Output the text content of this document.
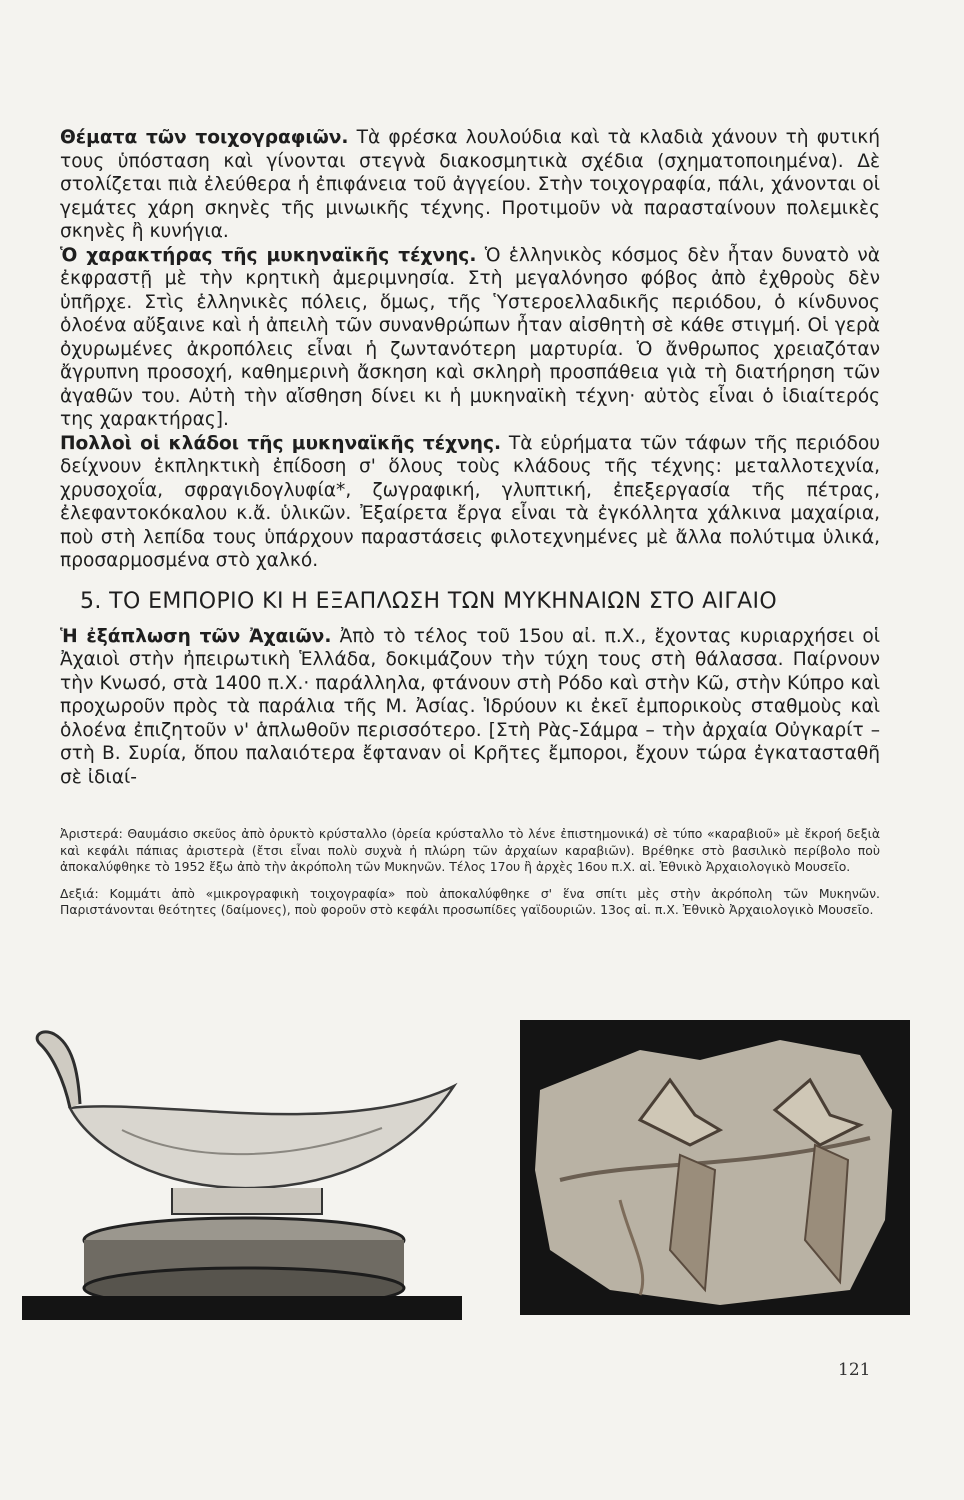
Θέματα τῶν τοιχογραφιῶν. Τὰ φρέσκα λουλούδια καὶ τὰ κλαδιὰ χάνουν τὴ φυτική τους ὑπόσταση καὶ γίνονται στεγνὰ διακοσμητικὰ σχέδια (σχηματοποιημένα). Δὲ στολίζεται πιὰ ἐλεύθερα ἡ ἐπιφάνεια τοῦ ἀγγείου. Στὴν τοιχογραφία, πάλι, χάνονται οἱ γεμάτες χάρη σκηνὲς τῆς μινωικῆς τέχνης. Προτιμοῦν νὰ παρασταίνουν πολεμικὲς σκηνὲς ἢ κυνήγια.

Ὁ χαρακτήρας τῆς μυκηναϊκῆς τέχνης. Ὁ ἑλληνικὸς κόσμος δὲν ἦταν δυνατὸ νὰ ἐκφραστῇ μὲ τὴν κρητικὴ ἀμεριμνησία. Στὴ μεγαλόνησο φόβος ἀπὸ ἐχθροὺς δὲν ὑπῆρχε. Στὶς ἑλληνικὲς πόλεις, ὅμως, τῆς Ὑστεροελλαδικῆς περιόδου, ὁ κίνδυνος ὁλοένα αὔξαινε καὶ ἡ ἀπειλὴ τῶν συνανθρώπων ἦταν αἰσθητὴ σὲ κάθε στιγμή. Οἱ γερὰ ὀχυρωμένες ἀκροπόλεις εἶναι ἡ ζωντανότερη μαρτυρία. Ὁ ἄνθρωπος χρειαζόταν ἄγρυπνη προσοχή, καθημερινὴ ἄσκηση καὶ σκληρὴ προσπάθεια γιὰ τὴ διατήρηση τῶν ἀγαθῶν του. Αὐτὴ τὴν αἴσθηση δίνει κι ἡ μυκηναϊκὴ τέχνη· αὐτὸς εἶναι ὁ ἰδιαίτερός της χαρακτήρας].

Πολλοὶ οἱ κλάδοι τῆς μυκηναϊκῆς τέχνης. Τὰ εὑρήματα τῶν τάφων τῆς περιόδου δείχνουν ἐκπληκτικὴ ἐπίδοση σ' ὅλους τοὺς κλάδους τῆς τέχνης: μεταλλοτεχνία, χρυσοχοΐα, σφραγιδογλυφία*, ζωγραφική, γλυπτική, ἐπεξεργασία τῆς πέτρας, ἐλεφαντοκόκαλου κ.ἄ. ὑλικῶν. Ἐξαίρετα ἔργα εἶναι τὰ ἐγκόλλητα χάλκινα μαχαίρια, ποὺ στὴ λεπίδα τους ὑπάρχουν παραστάσεις φιλοτεχνημένες μὲ ἄλλα πολύτιμα ὑλικά, προσαρμοσμένα στὸ χαλκό.

5. ΤΟ ΕΜΠΟΡΙΟ ΚΙ Η ΕΞΑΠΛΩΣΗ ΤΩΝ ΜΥΚΗΝΑΙΩΝ ΣΤΟ ΑΙΓΑΙΟ

Ἡ ἐξάπλωση τῶν Ἀχαιῶν. Ἀπὸ τὸ τέλος τοῦ 15ου αἰ. π.Χ., ἔχοντας κυριαρχήσει οἱ Ἀχαιοὶ στὴν ἠπειρωτικὴ Ἑλλάδα, δοκιμάζουν τὴν τύχη τους στὴ θάλασσα. Παίρνουν τὴν Κνωσό, στὰ 1400 π.Χ.· παράλληλα, φτάνουν στὴ Ρόδο καὶ στὴν Κῶ, στὴν Κύπρο καὶ προχωροῦν πρὸς τὰ παράλια τῆς Μ. Ἀσίας. Ἱδρύουν κι ἐκεῖ ἐμπορικοὺς σταθμοὺς καὶ ὁλοένα ἐπιζητοῦν ν' ἁπλωθοῦν περισσότερο. [Στὴ Ρὰς-Σάμρα – τὴν ἀρχαία Οὐγκαρίτ – στὴ Β. Συρία, ὅπου παλαιότερα ἔφταναν οἱ Κρῆτες ἔμποροι, ἔχουν τώρα ἐγκατασταθῆ σὲ ἰδιαί-

Ἀριστερά: Θαυμάσιο σκεῦος ἀπὸ ὀρυκτὸ κρύσταλλο (ὀρεία κρύσταλλο τὸ λένε ἐπιστημονικά) σὲ τύπο «καραβιοῦ» μὲ ἔκροή δεξιὰ καὶ κεφάλι πάπιας ἀριστερὰ (ἔτσι εἶναι πολὺ συχνὰ ἡ πλώρη τῶν ἀρχαίων καραβιῶν). Βρέθηκε στὸ βασιλικὸ περίβολο ποὺ ἀποκαλύφθηκε τὸ 1952 ἔξω ἀπὸ τὴν ἀκρόπολη τῶν Μυκηνῶν. Τέλος 17ου ἢ ἀρχὲς 16ου π.Χ. αἰ. Ἐθνικὸ Ἀρχαιολογικὸ Μουσεῖο.

Δεξιά: Κομμάτι ἀπὸ «μικρογραφικὴ τοιχογραφία» ποὺ ἀποκαλύφθηκε σ' ἕνα σπίτι μὲς στὴν ἀκρόπολη τῶν Μυκηνῶν. Παριστάνονται θεότητες (δαίμονες), ποὺ φοροῦν στὸ κεφάλι προσωπίδες γαϊδουριῶν. 13ος αἰ. π.Χ. Ἐθνικὸ Ἀρχαιολογικὸ Μουσεῖο.

121
